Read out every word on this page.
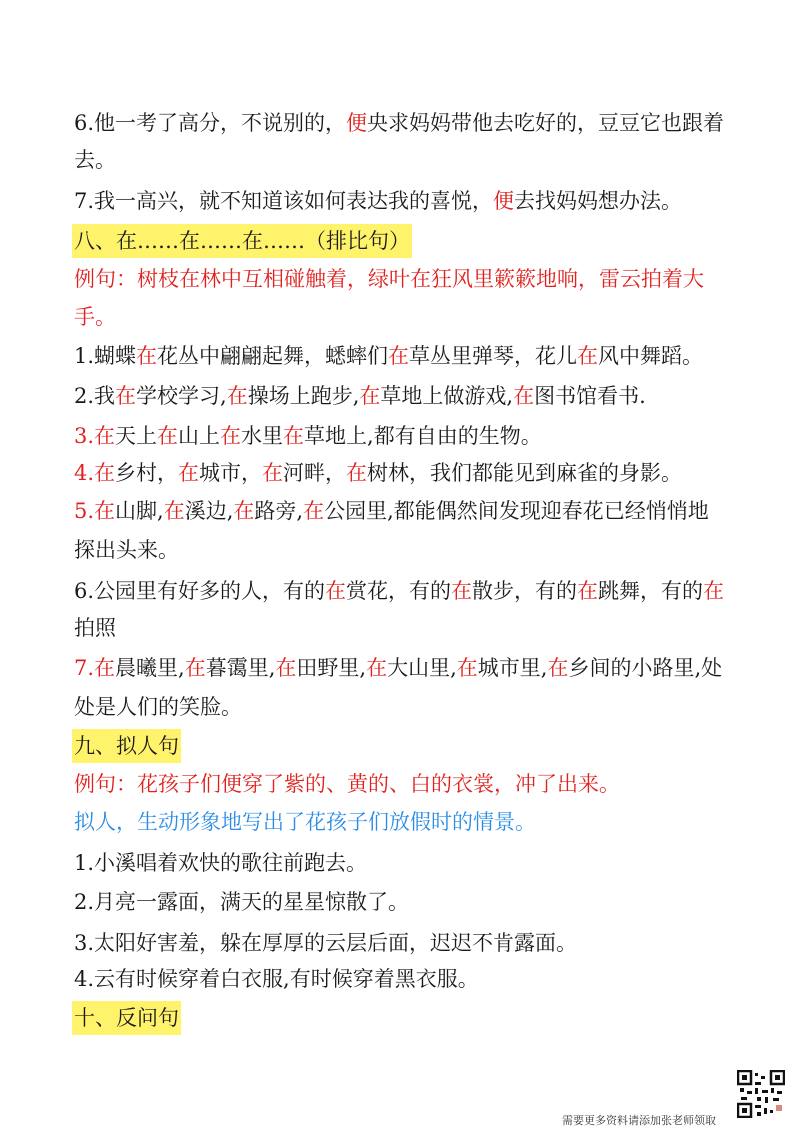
6.他一考了高分，不说别的，便央求妈妈带他去吃好的，豆豆它也跟着
去。
7.我一高兴，就不知道该如何表达我的喜悦，便去找妈妈想办法。
八、在……在……在……（排比句）
例句：树枝在林中互相碰触着，绿叶在狂风里簌簌地响，雷云拍着大
手。
1.蝴蝶在花丛中翩翩起舞，蟋蟀们在草丛里弹琴，花儿在风中舞蹈。
2.我在学校学习,在操场上跑步,在草地上做游戏,在图书馆看书.
3.在天上在山上在水里在草地上,都有自由的生物。
4.在乡村，在城市，在河畔，在树林，我们都能见到麻雀的身影。
5.在山脚,在溪边,在路旁,在公园里,都能偶然间发现迎春花已经悄悄地
探出头来。
6.公园里有好多的人，有的在赏花，有的在散步，有的在跳舞，有的在
拍照
7.在晨曦里,在暮霭里,在田野里,在大山里,在城市里,在乡间的小路里,处
处是人们的笑脸。
九、拟人句
例句：花孩子们便穿了紫的、黄的、白的衣裳，冲了出来。
拟人，生动形象地写出了花孩子们放假时的情景。
1.小溪唱着欢快的歌往前跑去。
2.月亮一露面，满天的星星惊散了。
3.太阳好害羞，躲在厚厚的云层后面，迟迟不肯露面。
4.云有时候穿着白衣服,有时候穿着黑衣服。
十、反问句
需要更多资料请添加张老师领取
